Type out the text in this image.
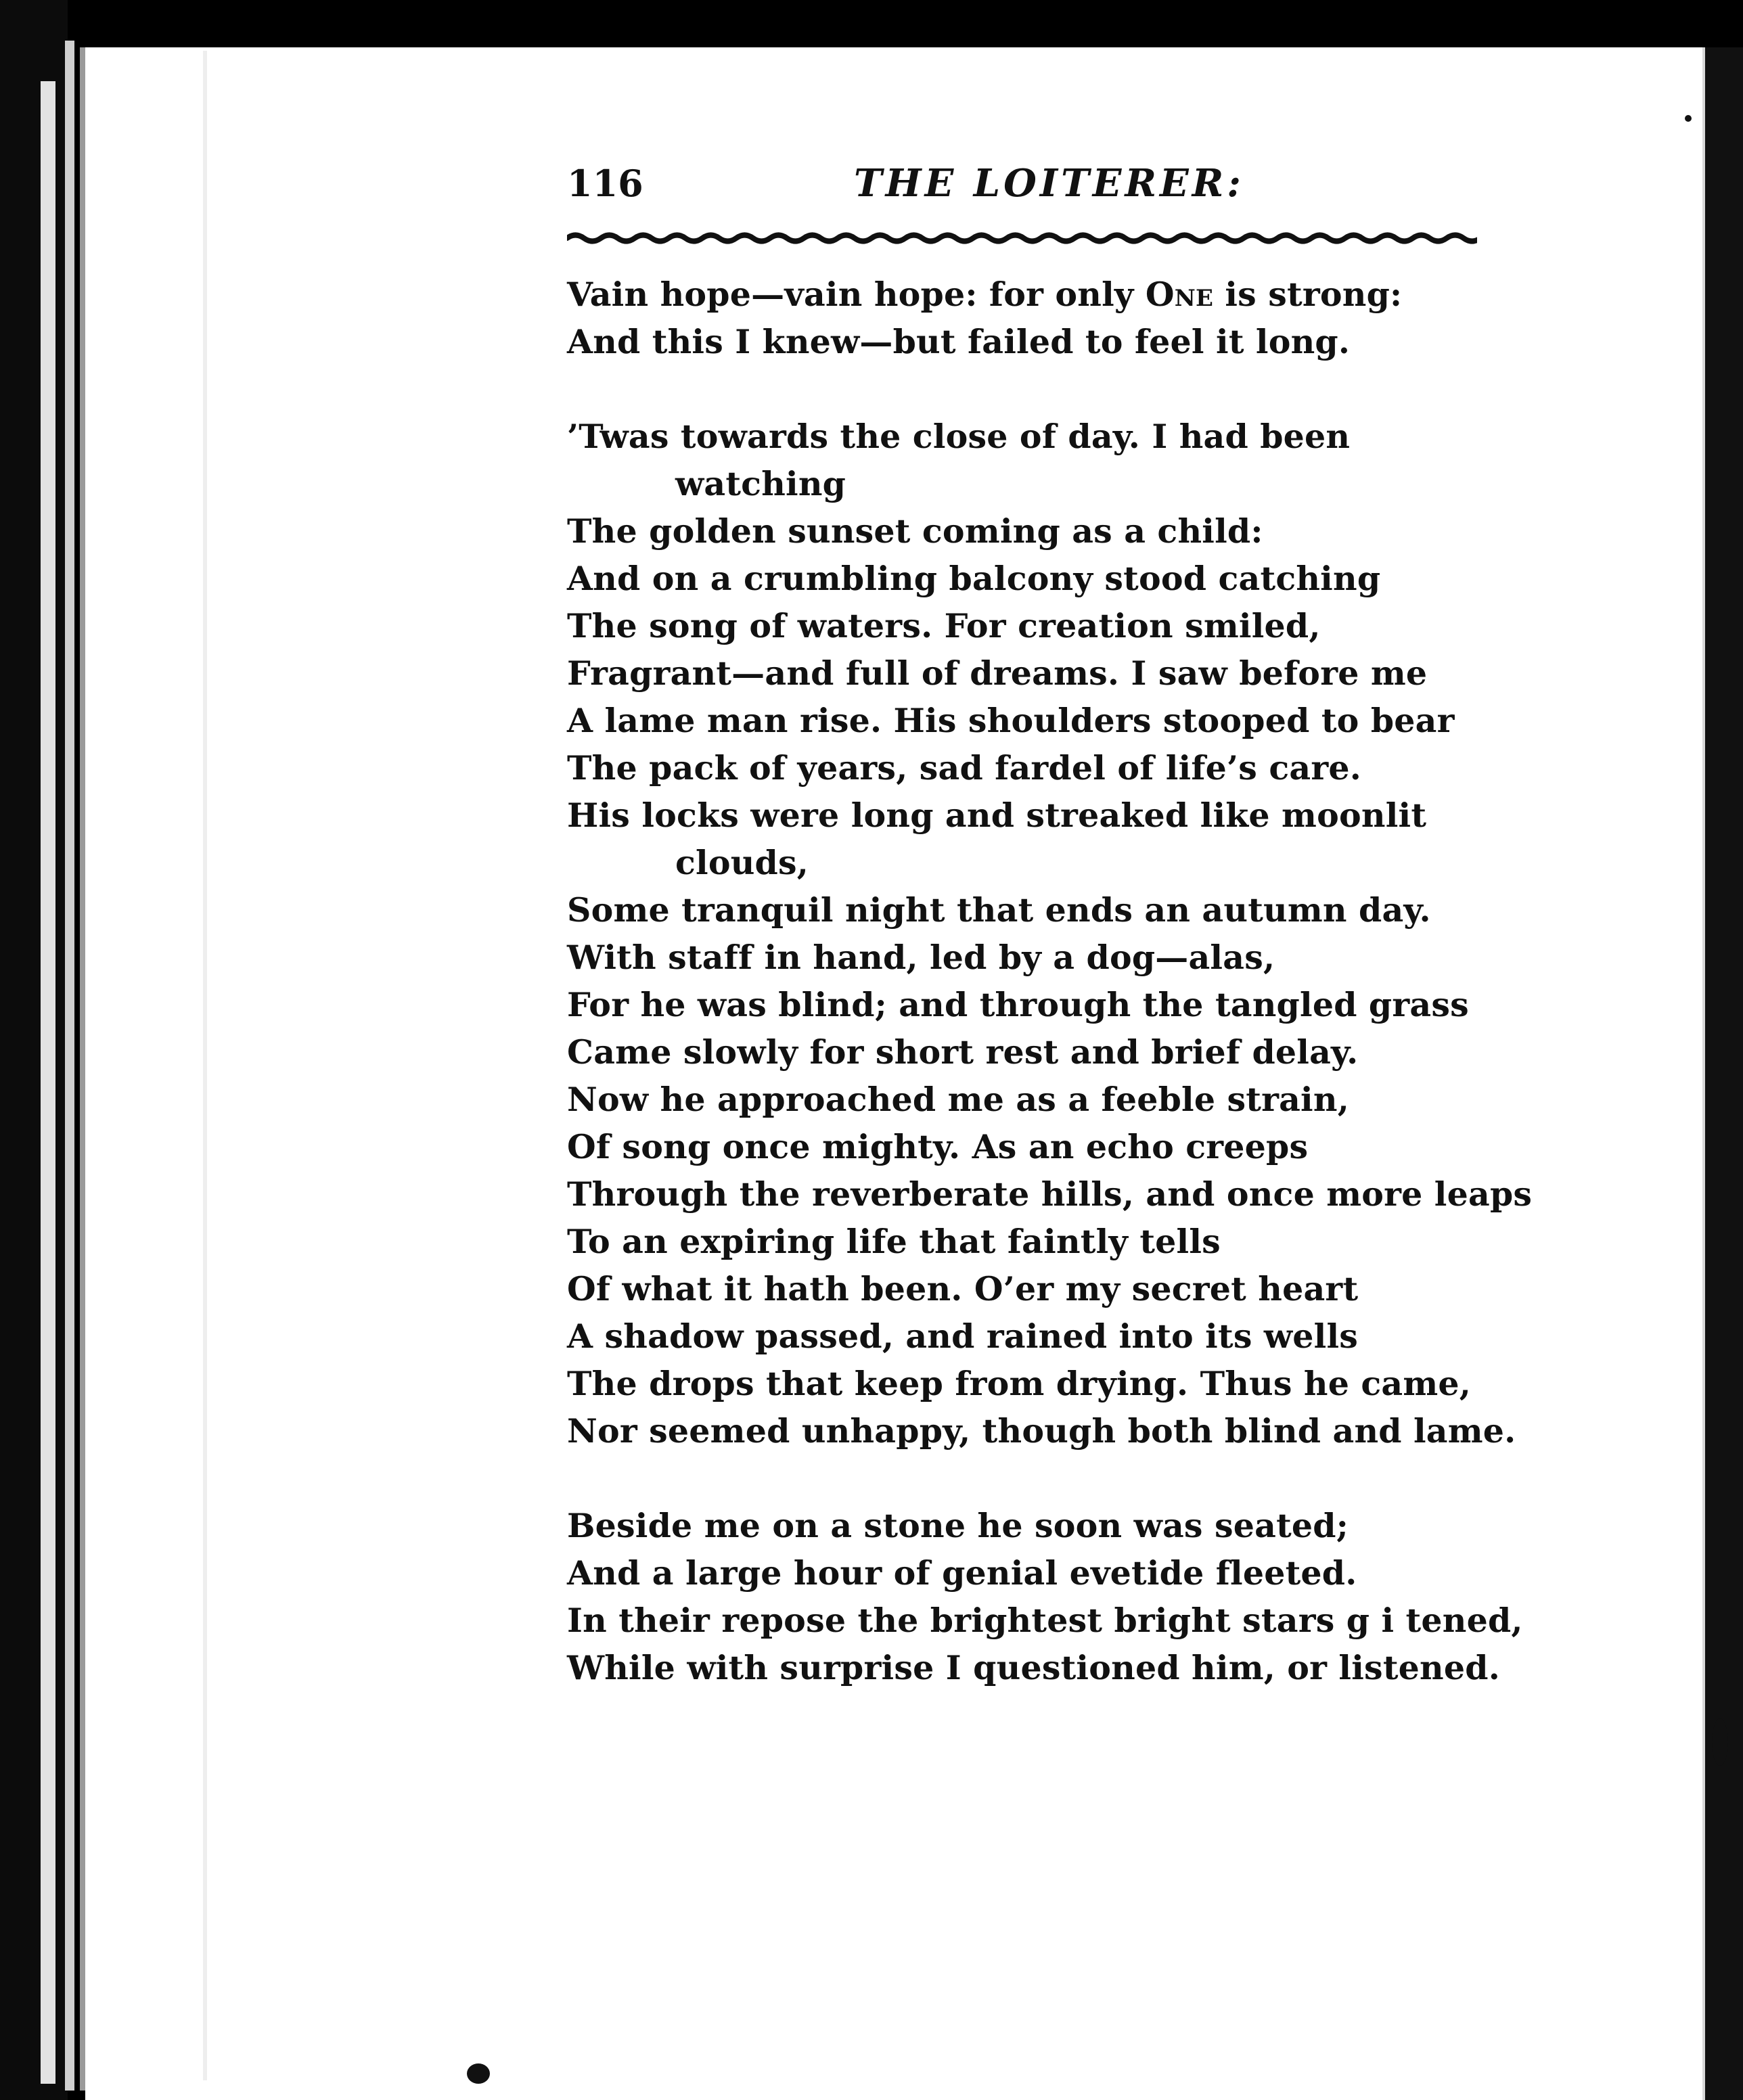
116	THE LOITERER:
Vain hope—vain hope: for only One is strong:
And this I knew—but failed to feel it long.
’Twas towards the close of day. I had been
watching
The golden sunset coming as a child:
And on a crumbling balcony stood catching
The song of waters. For creation smiled,
Fragrant—and full of dreams. I saw before me
A lame man rise. His shoulders stooped to bear
The pack of years, sad fardel of life’s care.
His locks were long and streaked like moonlit
clouds,
Some tranquil night that ends an autumn day.
With staff in hand, led by a dog—alas,
For he was blind; and through the tangled grass
Came slowly for short rest and brief delay.
Now he approached me as a feeble strain,
Of song once mighty. As an echo creeps
Through the reverberate hills, and once more leaps
To an expiring life that faintly tells
Of what it hath been. O’er my secret heart
A shadow passed, and rained into its wells
The drops that keep from drying. Thus he came,
Nor seemed unhappy, though both blind and lame.
Beside me on a stone he soon was seated;
And a large hour of genial evetide fleeted.
In their repose the brightest bright stars g i tened,
While with surprise I questioned him, or listened.
